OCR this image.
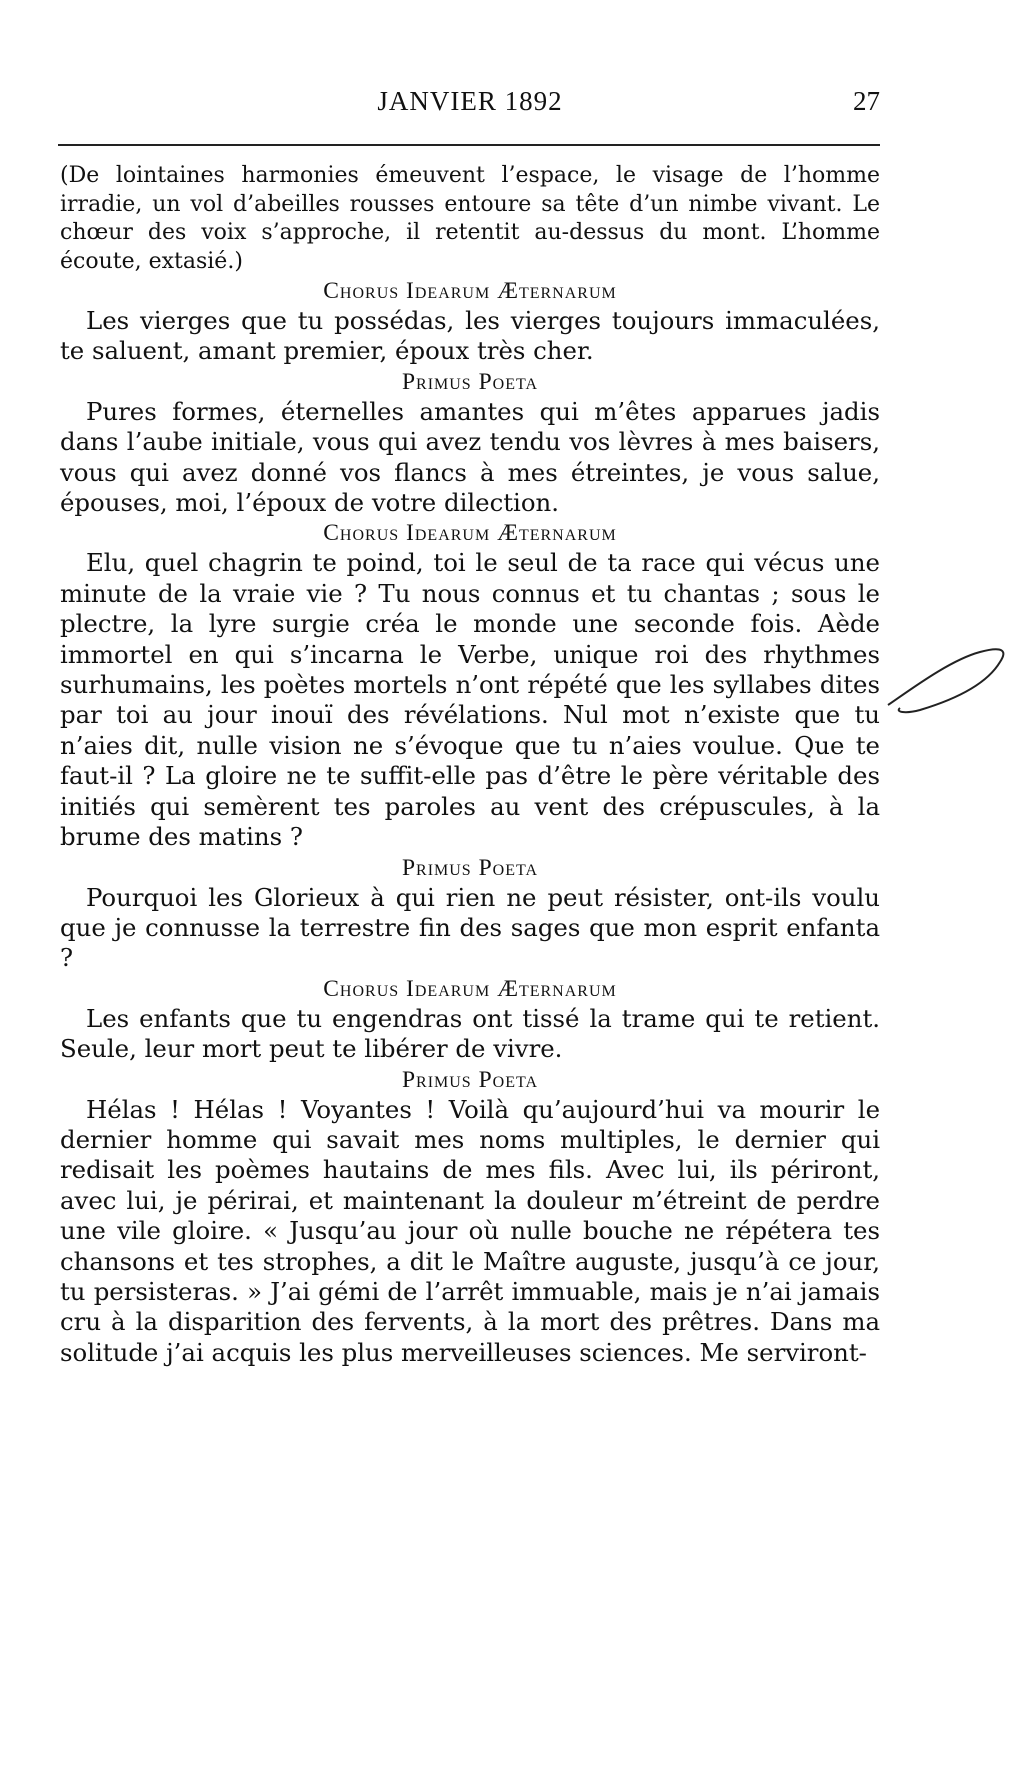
JANVIER 1892	27

(De lointaines harmonies émeuvent l’espace, le visage de l’homme irradie, un vol d’abeilles rousses entoure sa tête d’un nimbe vivant. Le chœur des voix s’approche, il retentit au-dessus du mont. L’homme écoute, extasié.)

Chorus Idearum Æternarum

Les vierges que tu possédas, les vierges toujours immaculées, te saluent, amant premier, époux très cher.

Primus Poeta

Pures formes, éternelles amantes qui m’êtes apparues jadis dans l’aube initiale, vous qui avez tendu vos lèvres à mes baisers, vous qui avez donné vos flancs à mes étreintes, je vous salue, épouses, moi, l’époux de votre dilection.

Chorus Idearum Æternarum

Elu, quel chagrin te poind, toi le seul de ta race qui vécus une minute de la vraie vie ? Tu nous connus et tu chantas ; sous le plectre, la lyre surgie créa le monde une seconde fois. Aède immortel en qui s’incarna le Verbe, unique roi des rhythmes surhumains, les poètes mortels n’ont répété que les syllabes dites par toi au jour inouï des révélations. Nul mot n’existe que tu n’aies dit, nulle vision ne s’évoque que tu n’aies voulue. Que te faut-il ? La gloire ne te suffit-elle pas d’être le père véritable des initiés qui semèrent tes paroles au vent des crépuscules, à la brume des matins ?

Primus Poeta

Pourquoi les Glorieux à qui rien ne peut résister, ont-ils voulu que je connusse la terrestre fin des sages que mon esprit enfanta ?

Chorus Idearum Æternarum

Les enfants que tu engendras ont tissé la trame qui te retient. Seule, leur mort peut te libérer de vivre.

Primus Poeta

Hélas ! Hélas ! Voyantes ! Voilà qu’aujourd’hui va mourir le dernier homme qui savait mes noms multiples, le dernier qui redisait les poèmes hautains de mes fils. Avec lui, ils périront, avec lui, je périrai, et maintenant la douleur m’étreint de perdre une vile gloire. « Jusqu’au jour où nulle bouche ne répétera tes chansons et tes strophes, a dit le Maître auguste, jusqu’à ce jour, tu persisteras. » J’ai gémi de l’arrêt immuable, mais je n’ai jamais cru à la disparition des fervents, à la mort des prêtres. Dans ma solitude j’ai acquis les plus merveilleuses sciences. Me serviront-
